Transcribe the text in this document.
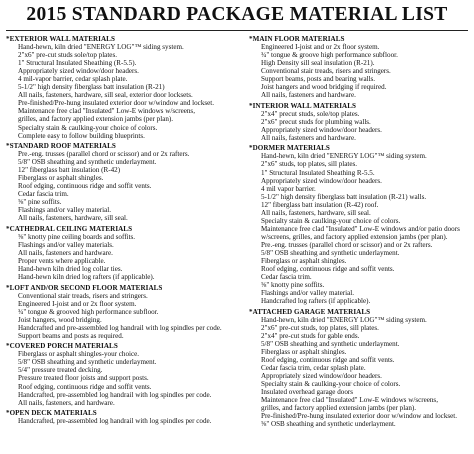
2015 STANDARD PACKAGE MATERIAL LIST
*EXTERIOR WALL MATERIALS
Hand-hewn, kiln dried "ENERGY LOG"™ siding system.
2"x6" pre-cut studs sole/top plates.
1" Structural Insulated Sheathing (R-5.5).
Appropriately sized window/door headers.
4 mil-vapor barrier, cedar splash plate.
5-1/2" high density fiberglass batt insulation (R-21)
All nails, fasteners, hardware, sill seal, exterior door locksets.
Pre-finished/Pre-hung insulated exterior door w/window and lockset.
Maintenance free clad "Insulated" Low-E windows w/screens,
grilles, and factory applied extension jambs (per plan).
Specialty stain & caulking-your choice of colors.
Complete easy to follow building blueprints.
*STANDARD ROOF MATERIALS
Pre.-eng. trusses (parallel chord or scissor) and or 2x rafters.
5/8" OSB sheathing and synthetic underlayment.
12" fiberglass batt insulation (R-42)
Fiberglass or asphalt shingles.
Roof edging, continuous ridge and soffit vents.
Cedar fascia trim.
⅝" pine soffits.
Flashings and/or valley material.
All nails, fasteners, hardware, sill seal.
*CATHEDRAL CEILING MATERIALS
⅝" knotty pine ceiling boards and soffits.
Flashings and/or valley materials.
All nails, fasteners and hardware.
Proper vents where applicable.
Hand-hewn kiln dried log collar ties.
Hand-hewn kiln dried log rafters (if applicable).
*LOFT AND/OR SECOND FLOOR MATERIALS
Conventional stair treads, risers and stringers.
Engineered I-joist and or 2x floor system.
¾" tongue & grooved high performance subfloor.
Joist hangers, wood bridging.
Handcrafted and pre-assembled log handrail with log spindles per code.
Support beams and posts as required.
*COVERED PORCH MATERIALS
Fiberglass or asphalt shingles-your choice.
5/8" OSB sheathing and synthetic underlayment.
5/4" pressure treated decking.
Pressure treated floor joists and support posts.
Roof edging, continuous ridge and soffit vents.
Handcrafted, pre-assembled log handrail with log spindles per code.
All nails, fasteners, and hardware.
*OPEN DECK MATERIALS
Handcrafted, pre-assembled log handrail with log spindles per code.
*MAIN FLOOR MATERIALS
Engineered I-joist and or 2x floor system.
¾" tongue & groove high performance subfloor.
High Density sill seal insulation (R-21).
Conventional stair treads, risers and stringers.
Support beams, posts and bearing walls.
Joist hangers and wood bridging if required.
All nails, fasteners and hardware.
*INTERIOR WALL MATERIALS
2"x4" precut studs, sole/top plates.
2"x6" precut studs for plumbing walls.
Appropriately sized window/door headers.
All nails, fasteners and hardware.
*DORMER MATERIALS
Hand-hewn, kiln dried "ENERGY LOG"™ siding system.
2"x6" studs, top plates, sill plates.
1" Structural Insulated Sheathing R-5.5.
Appropriately sized window/door headers.
4 mil vapor barrier.
5-1/2" high density fiberglass batt insulation (R-21) walls.
12" fiberglass batt insulation (R-42) roof.
All nails, fasteners, hardware, sill seal.
Specialty stain & caulking-your choice of colors.
Maintenance free clad "Insulated" Low-E windows and/or patio doors
w/screens, grilles, and factory applied extension jambs (per plan).
Pre.-eng. trusses (parallel chord or scissor) and or 2x rafters.
5/8" OSB sheathing and synthetic underlayment.
Fiberglass or asphalt shingles.
Roof edging, continuous ridge and soffit vents.
Cedar fascia trim.
⅝" knotty pine soffits.
Flashings and/or valley material.
Handcrafted log rafters (if applicable).
*ATTACHED GARAGE MATERIALS
Hand-hewn, kiln dried "ENERGY LOG"™ siding system.
2"x6" pre-cut studs, top plates, sill plates.
2"x4" pre-cut studs for gable ends.
5/8" OSB sheathing and synthetic underlayment.
Fiberglass or asphalt shingles.
Roof edging, continuous ridge and soffit vents.
Cedar fascia trim, cedar splash plate.
Appropriately sized window/door headers.
Specialty stain & caulking-your choice of colors.
Insulated overhead garage doors
Maintenance free clad "Insulated" Low-E windows w/screens,
grilles, and factory applied extension jambs (per plan).
Pre-finished/Pre-hung insulated exterior door w/window and lockset.
⅝" OSB sheathing and synthetic underlayment.
